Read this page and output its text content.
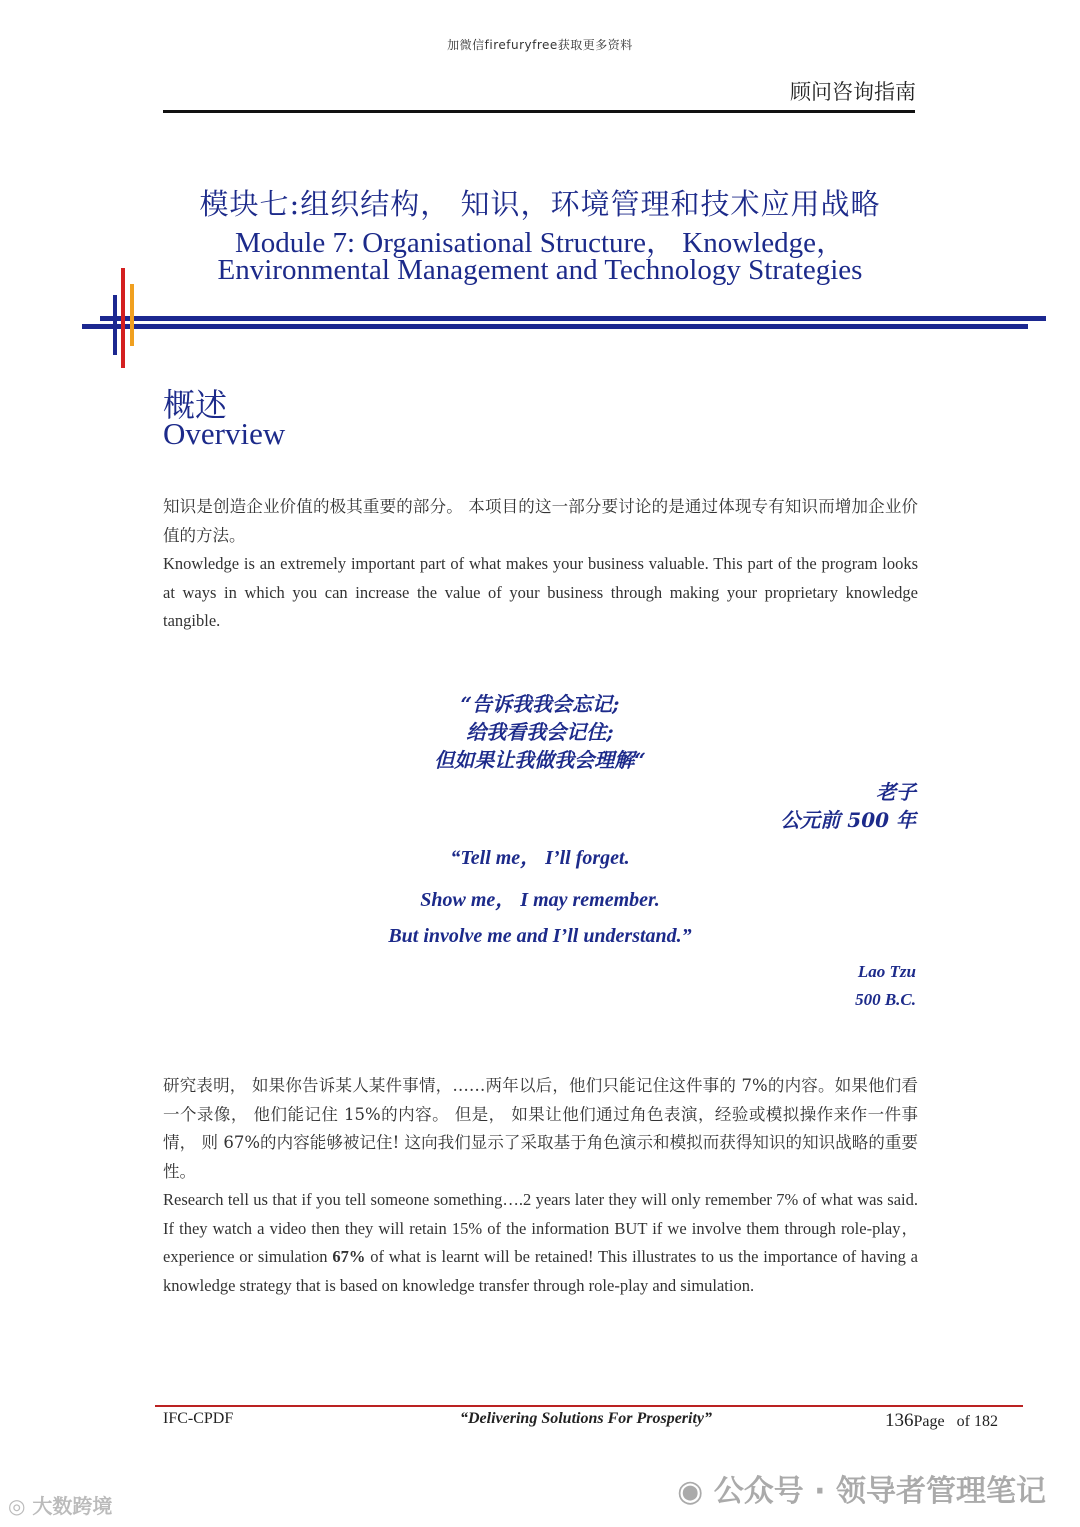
加微信firefuryfree获取更多资料
顾问咨询指南
模块七:组织结构， 知识，环境管理和技术应用战略
Module 7: Organisational Structure， Knowledge，
Environmental Management and Technology Strategies
概述
Overview
知识是创造企业价值的极其重要的部分。 本项目的这一部分要讨论的是通过体现专有知识而增加企业价值的方法。
Knowledge is an extremely important part of what makes your business valuable. This part of the program looks at ways in which you can increase the value of your business through making your proprietary knowledge tangible.
“告诉我我会忘记;
给我看我会记住;
但如果让我做我会理解“
老子
公元前 500 年
“Tell me， I’ll forget.
Show me， I may remember.
But involve me and I’ll understand.”
Lao Tzu
500 B.C.
研究表明， 如果你告诉某人某件事情，……两年以后，他们只能记住这件事的 7%的内容。如果他们看一个录像， 他们能记住 15%的内容。 但是， 如果让他们通过角色表演，经验或模拟操作来作一件事情， 则 67%的内容能够被记住! 这向我们显示了采取基于角色演示和模拟而获得知识的知识战略的重要性。
Research tell us that if you tell someone something….2 years later they will only remember 7% of what was said. If they watch a video then they will retain 15% of the information BUT if we involve them through role-play， experience or simulation 67% of what is learnt will be retained! This illustrates to us the importance of having a knowledge strategy that is based on knowledge transfer through role-play and simulation.
IFC-CPDF	“Delivering Solutions For Prosperity”	136Page of 182
◎ 大数跨境	◉ 公众号 · 领导者管理笔记
